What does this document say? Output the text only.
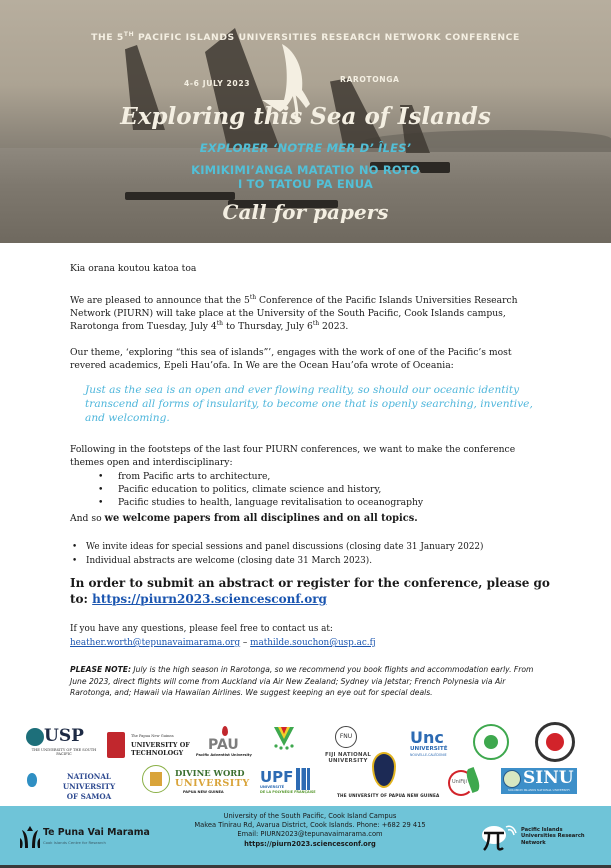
THE 5TH PACIFIC ISLANDS UNIVERSITIES RESEARCH NETWORK CONFERENCE
4-6 JULY 2023	RAROTONGA
Exploring this Sea of Islands
EXPLORER ‘NOTRE MER D’ ÎLES’
KIMIKIMI’ANGA MATATIO NO ROTO
I TO TATOU PA ENUA
Call for papers
Kia orana koutou katoa toa
We are pleased to announce that the 5th Conference of the Pacific Islands Universities Research Network (PIURN) will take place at the University of the South Pacific, Cook Islands campus, Rarotonga from Tuesday, July 4th to Thursday, July 6th 2023.
Our theme, ‘exploring “this sea of islands”’, engages with the work of one of the Pacific’s most revered academics, Epeli Hau’ofa. In We are the Ocean Hau’ofa wrote of Oceania:
Just as the sea is an open and ever flowing reality, so should our oceanic identity transcend all forms of insularity, to become one that is openly searching, inventive, and welcoming.
Following in the footsteps of the last four PIURN conferences, we want to make the conference themes open and interdisciplinary:
• from Pacific arts to architecture,
• Pacific education to politics, climate science and history,
• Pacific studies to health, language revitalisation to oceanography
And so we welcome papers from all disciplines and on all topics.
• We invite ideas for special sessions and panel discussions (closing date 31 January 2022)
• Individual abstracts are welcome (closing date 31 March 2023).
In order to submit an abstract or register for the conference, please go to: https://piurn2023.sciencesconf.org
If you have any questions, please feel free to contact us at:
heather.worth@tepunavaimarama.org – mathilde.souchon@usp.ac.fj
PLEASE NOTE: July is the high season in Rarotonga, so we recommend you book flights and accommodation early. From June 2023, direct flights will come from Auckland via Air New Zealand; Sydney via Jetstar; French Polynesia via Air Rarotonga, and; Hawaii via Hawaiian Airlines. We suggest keeping an eye out for special deals.
USP
THE UNIVERSITY OF THE SOUTH PACIFIC
The Papua New Guinea
UNIVERSITY OF
TECHNOLOGY	PAU
Pacific Adventist University
FNU
FIJI NATIONAL
UNIVERSITY
Unc
UNIVERSITÉ
NOUVELLE-CALÉDONIE
NATIONAL UNIVERSITY
OF SAMOA
DIVINE WORD
UNIVERSITY
PAPUA NEW GUINEA
UPF
UNIVERSITÉ
DE LA POLYNÉSIE FRANÇAISE
THE UNIVERSITY OF PAPUA NEW GUINEA
UniFiji	SINU
SOLOMON ISLANDS NATIONAL UNIVERSITY
Te Puna Vai Marama
Cook Islands Centre for Research
University of the South Pacific, Cook Island Campus
Makea Tinirau Rd, Avarua District, Cook Islands. Phone: +682 29 415
Email: PIURN2023@tepunavaimarama.com
https://piurn2023.sciencesconf.org
Pacific Islands
Universities Research
Network
